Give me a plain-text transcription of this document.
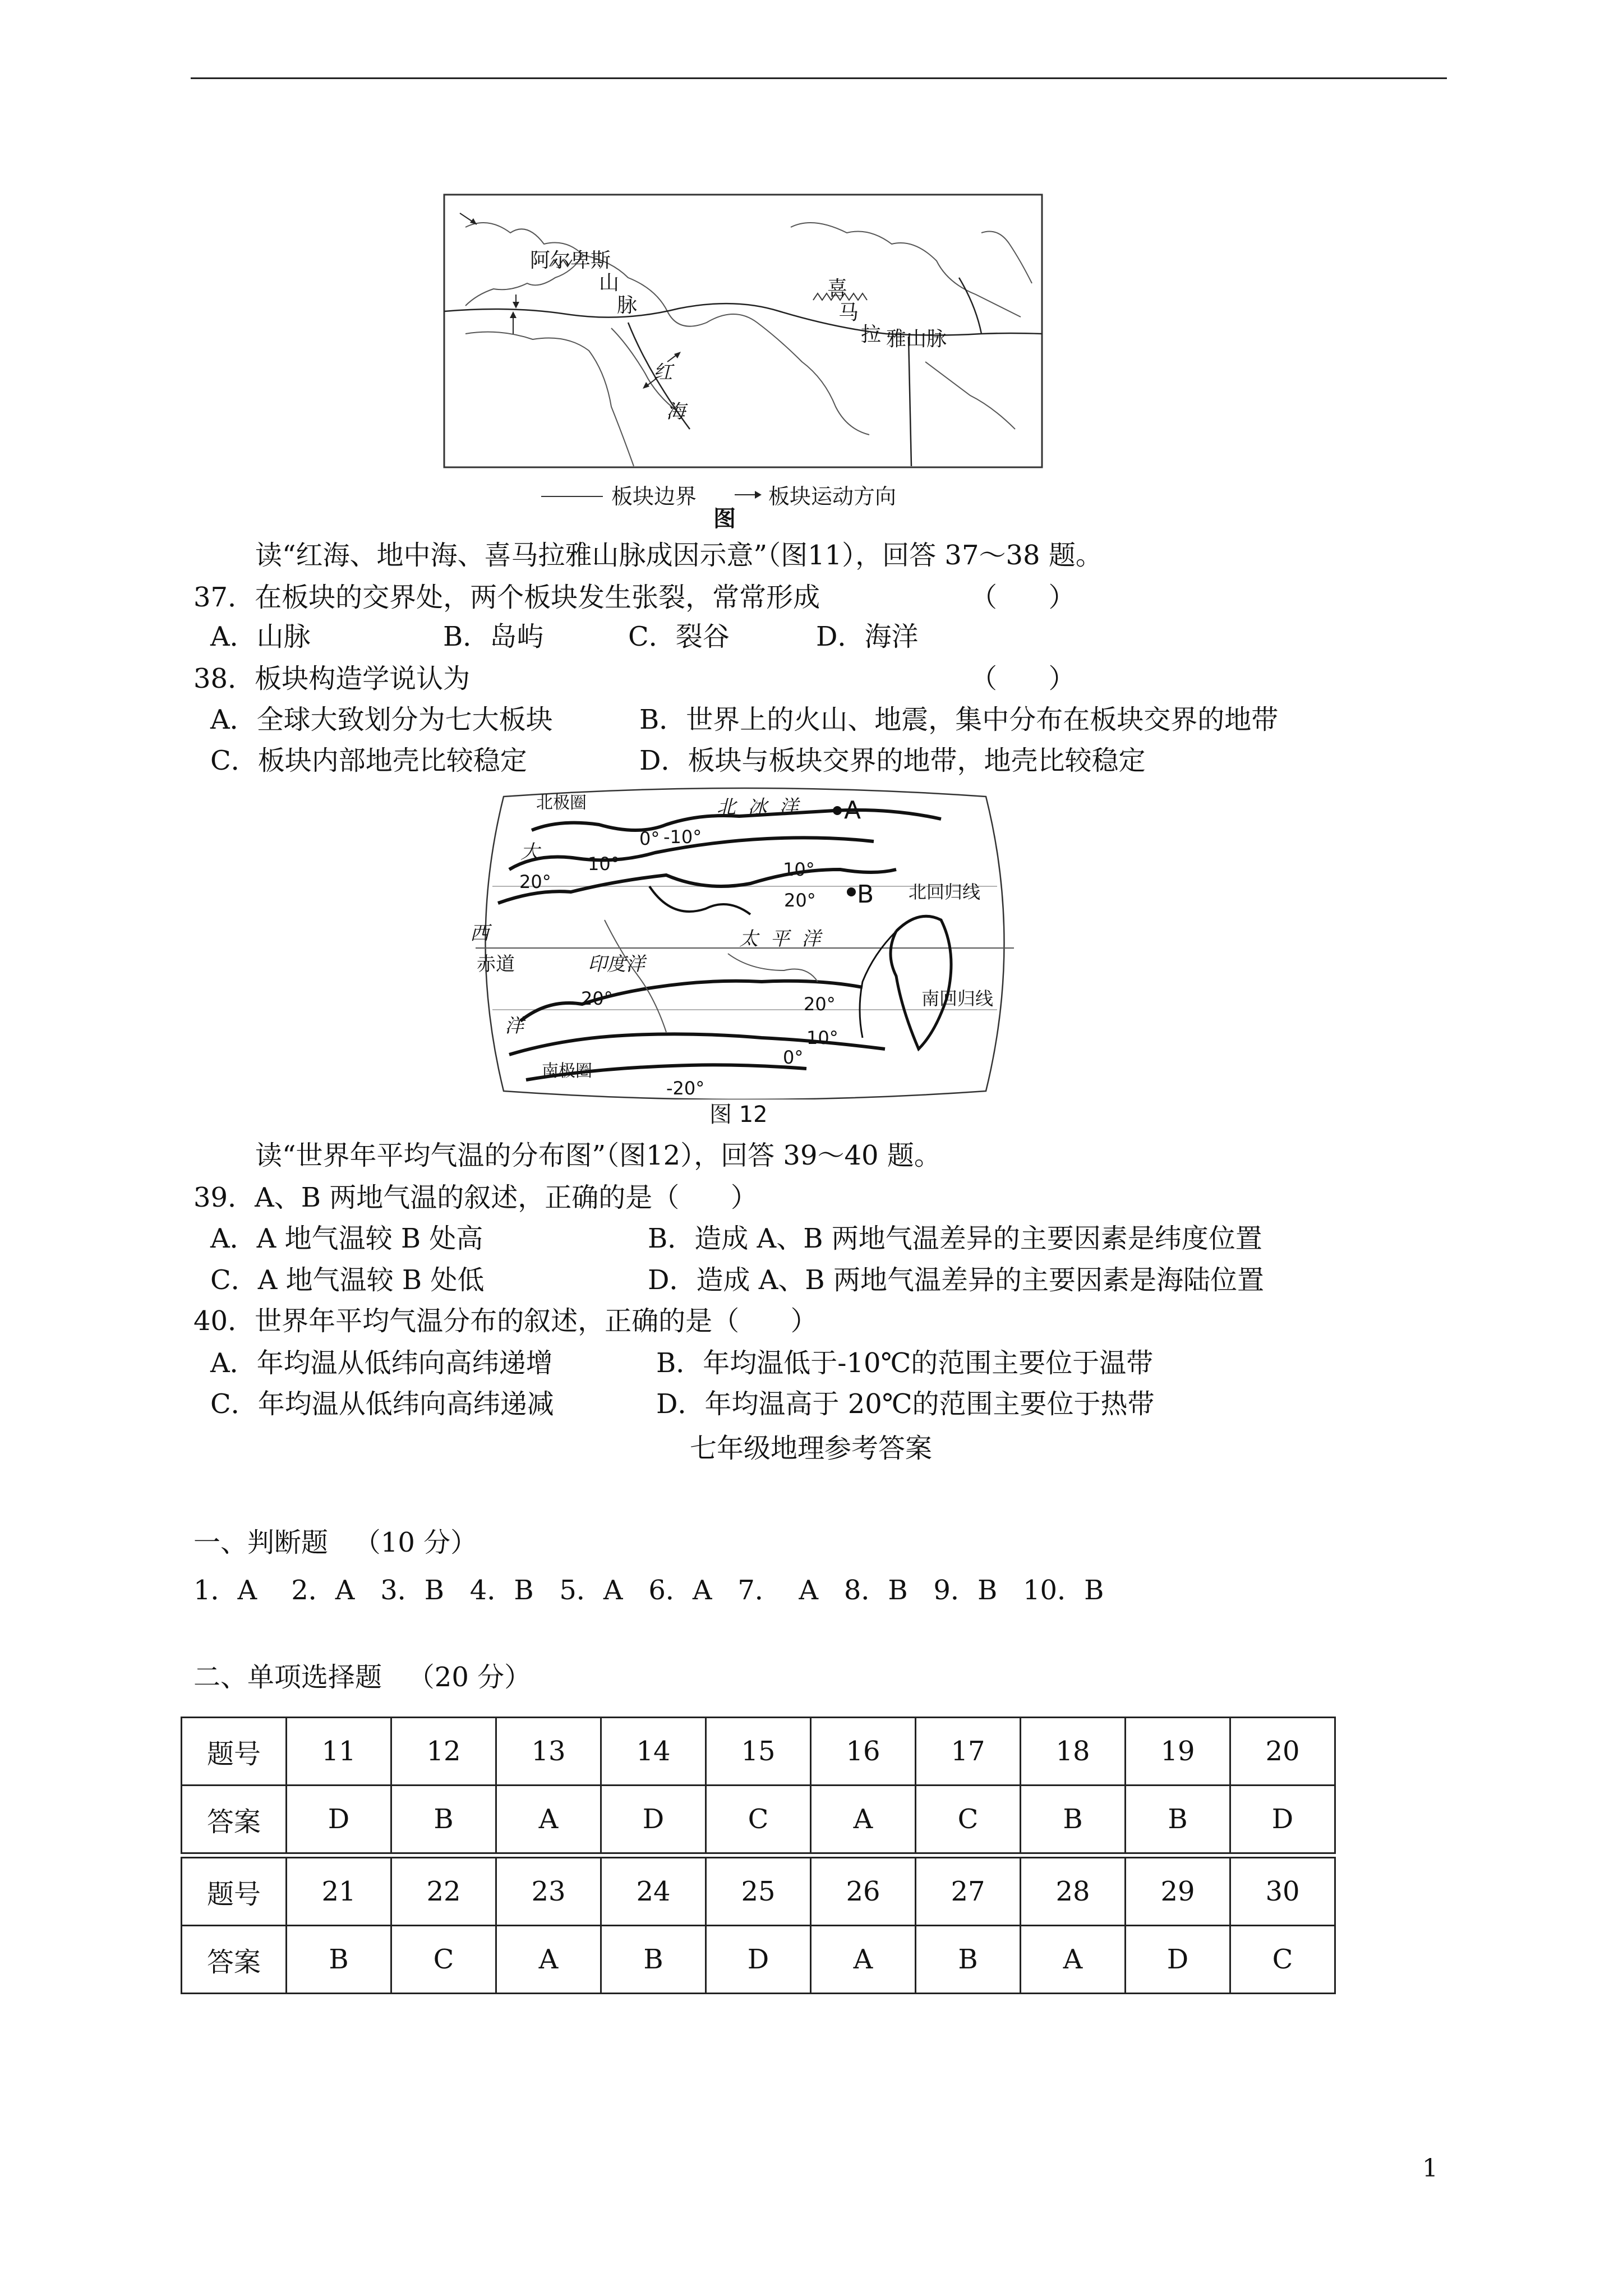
阿尔卑斯
山
脉
喜
马
拉 雅山脉
红
海
板块边界	板块运动方向
图
读“红海、地中海、喜马拉雅山脉成因示意”（图11），回答 37～38 题。
37．在板块的交界处，两个板块发生张裂，常常形成	（      ）
A．山脉	B．岛屿	C．裂谷	D．海洋
38．板块构造学说认为	（      ）
A．全球大致划分为七大板块	B．世界上的火山、地震，集中分布在板块交界的地带
C．板块内部地壳比较稳定	D．板块与板块交界的地带，地壳比较稳定
北极圈	北  冰  洋 A
0° -10°
10°	10°
20°
20° B 北回归线
大
西
洋
太  平  洋
赤道	印度洋
20°	20°	南回归线
10°
0°
南极圈
-20°
图 12
读“世界年平均气温的分布图”（图12），回答 39～40 题。
39．A、B 两地气温的叙述，正确的是（      ）
A．A 地气温较 B 处高	B．造成 A、B 两地气温差异的主要因素是纬度位置
C．A 地气温较 B 处低	D．造成 A、B 两地气温差异的主要因素是海陆位置
40．世界年平均气温分布的叙述，正确的是（      ）
A．年均温从低纬向高纬递增	B．年均温低于-10℃的范围主要位于温带
C．年均温从低纬向高纬递减	D．年均温高于 20℃的范围主要位于热带
七年级地理参考答案
一、判断题   （10 分）
1．A    2．A   3．B   4．B   5．A   6．A   7．  A   8．B   9．B   10．B
二、单项选择题   （20 分）
题号	11	12	13	14	15	16	17	18	19	20
答案	D	B	A	D	C	A	C	B	B	D
题号	21	22	23	24	25	26	27	28	29	30
答案	B	C	A	B	D	A	B	A	D	C
1
